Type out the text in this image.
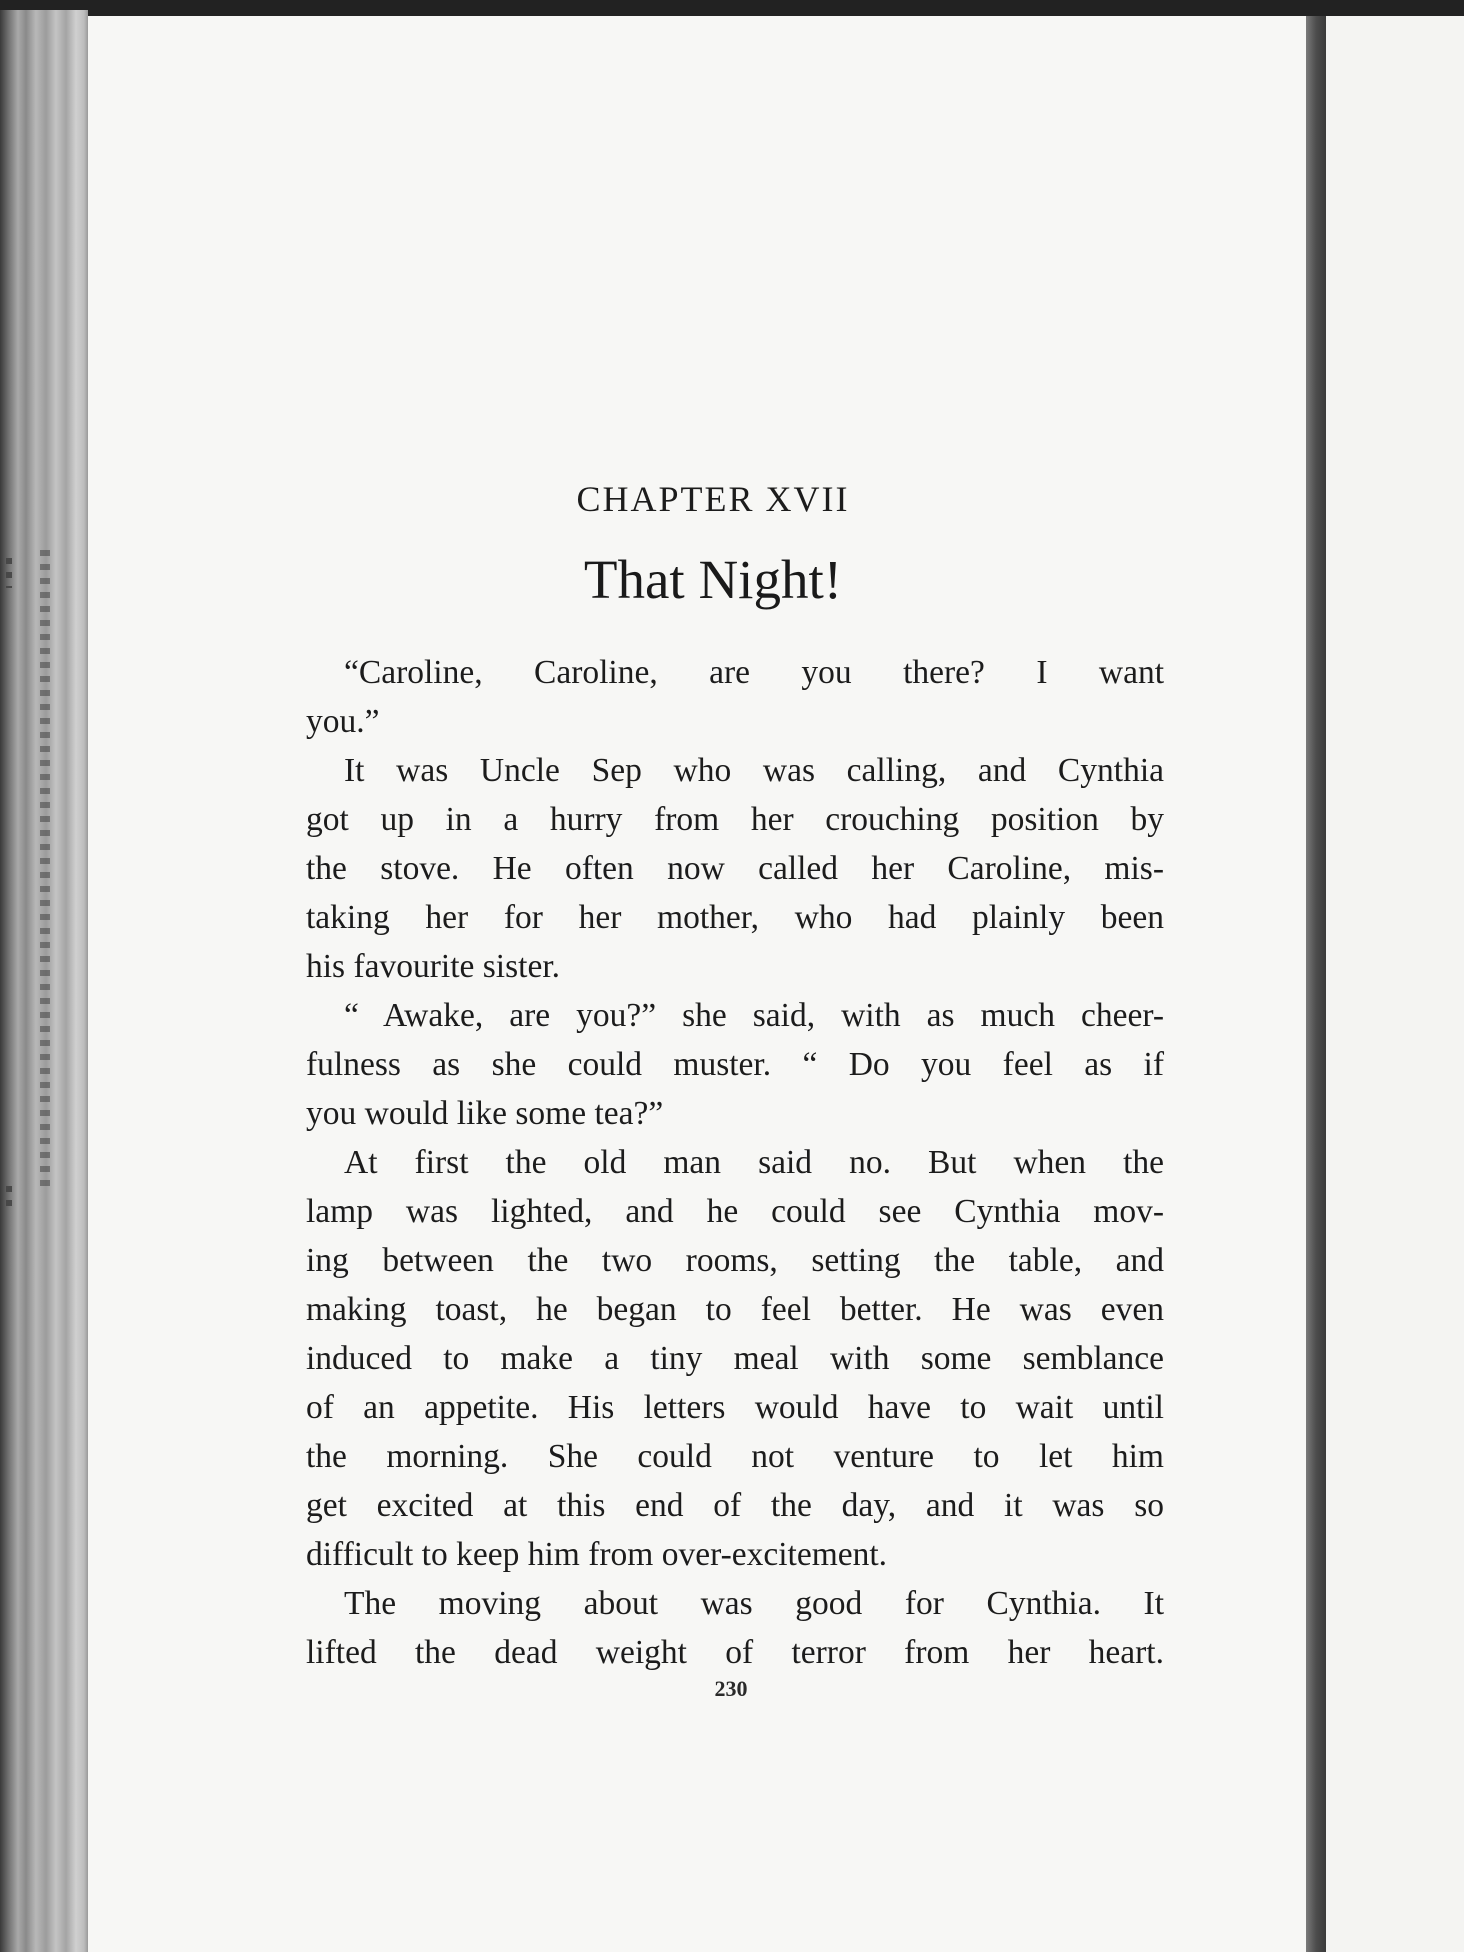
CHAPTER XVII
That Night!
“Caroline, Caroline, are you there? I want
you.”
It was Uncle Sep who was calling, and Cynthia
got up in a hurry from her crouching position by
the stove. He often now called her Caroline, mis-
taking her for her mother, who had plainly been
his favourite sister.
“ Awake, are you?” she said, with as much cheer-
fulness as she could muster. “ Do you feel as if
you would like some tea?”
At first the old man said no. But when the
lamp was lighted, and he could see Cynthia mov-
ing between the two rooms, setting the table, and
making toast, he began to feel better. He was even
induced to make a tiny meal with some semblance
of an appetite. His letters would have to wait until
the morning. She could not venture to let him
get excited at this end of the day, and it was so
difficult to keep him from over-excitement.
The moving about was good for Cynthia. It
lifted the dead weight of terror from her heart.
230
